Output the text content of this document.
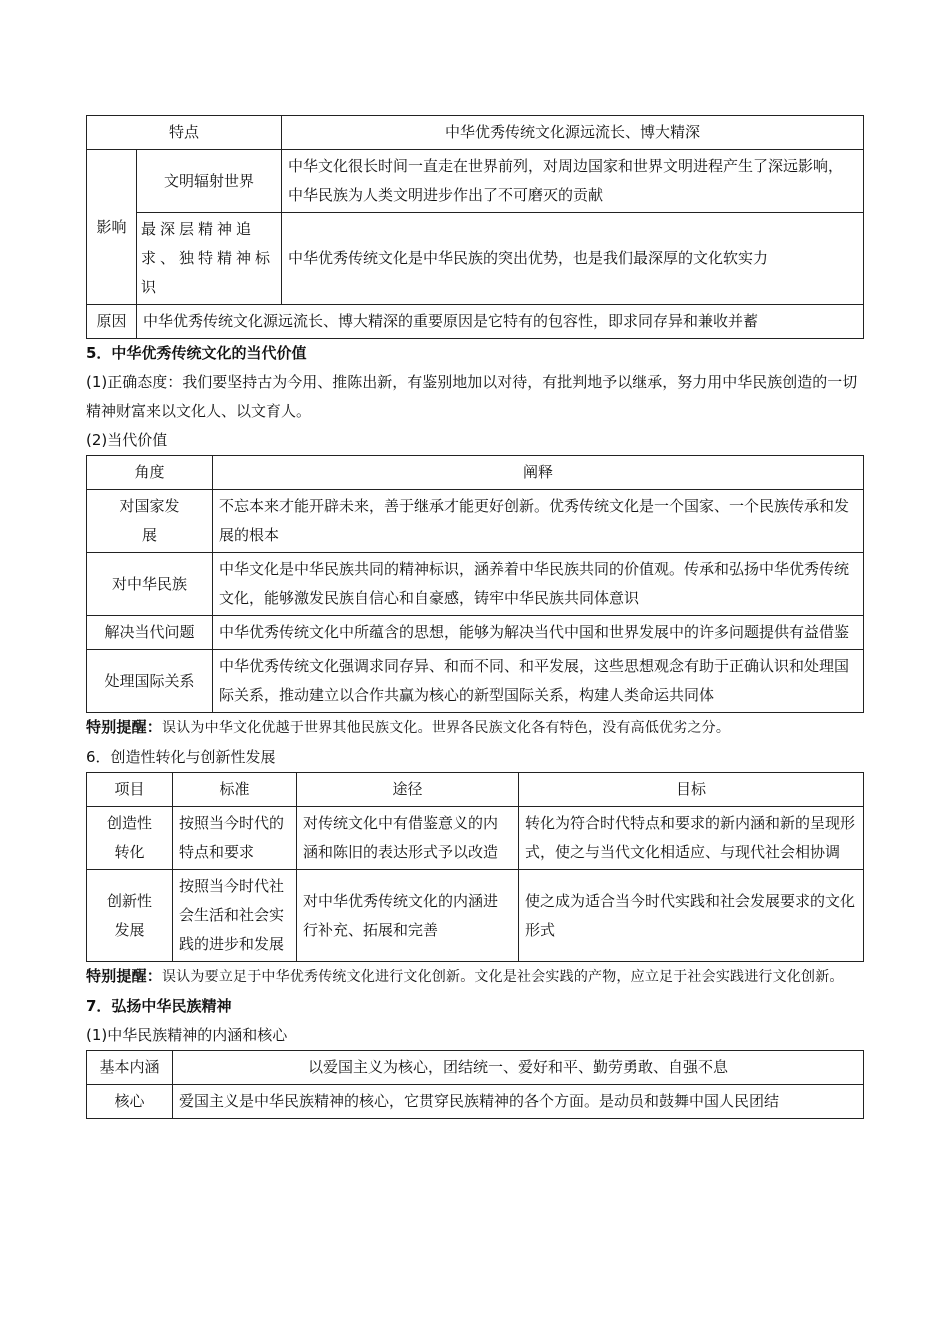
特点		中华优秀传统文化源远流长、博大精深
影响	文明辐射世界	中华文化很长时间一直走在世界前列，对周边国家和世界文明进程产生了深远影响，中华民族为人类文明进步作出了不可磨灭的贡献
	最深层精神追求、独特精神标识	中华优秀传统文化是中华民族的突出优势，也是我们最深厚的文化软实力
原因	中华优秀传统文化源远流长、博大精深的重要原因是它特有的包容性，即求同存异和兼收并蓄	

5．中华优秀传统文化的当代价值

(1)正确态度：我们要坚持古为今用、推陈出新，有鉴别地加以对待，有批判地予以继承，努力用中华民族创造的一切精神财富来以文化人、以文育人。

(2)当代价值

角度	阐释
对国家发展	不忘本来才能开辟未来，善于继承才能更好创新。优秀传统文化是一个国家、一个民族传承和发展的根本
对中华民族	中华文化是中华民族共同的精神标识，涵养着中华民族共同的价值观。传承和弘扬中华优秀传统文化，能够激发民族自信心和自豪感，铸牢中华民族共同体意识
解决当代问题	中华优秀传统文化中所蕴含的思想，能够为解决当代中国和世界发展中的许多问题提供有益借鉴
处理国际关系	中华优秀传统文化强调求同存异、和而不同、和平发展，这些思想观念有助于正确认识和处理国际关系，推动建立以合作共赢为核心的新型国际关系，构建人类命运共同体

特别提醒：误认为中华文化优越于世界其他民族文化。世界各民族文化各有特色，没有高低优劣之分。

6．创造性转化与创新性发展

项目	标准	途径	目标
创造性转化	按照当今时代的特点和要求	对传统文化中有借鉴意义的内涵和陈旧的表达形式予以改造	转化为符合时代特点和要求的新内涵和新的呈现形式，使之与当代文化相适应、与现代社会相协调
创新性发展	按照当今时代社会生活和社会实践的进步和发展	对中华优秀传统文化的内涵进行补充、拓展和完善	使之成为适合当今时代实践和社会发展要求的文化形式

特别提醒：误认为要立足于中华优秀传统文化进行文化创新。文化是社会实践的产物，应立足于社会实践进行文化创新。

7．弘扬中华民族精神

(1)中华民族精神的内涵和核心

基本内涵	以爱国主义为核心，团结统一、爱好和平、勤劳勇敢、自强不息
核心	爱国主义是中华民族精神的核心，它贯穿民族精神的各个方面。是动员和鼓舞中国人民团结
